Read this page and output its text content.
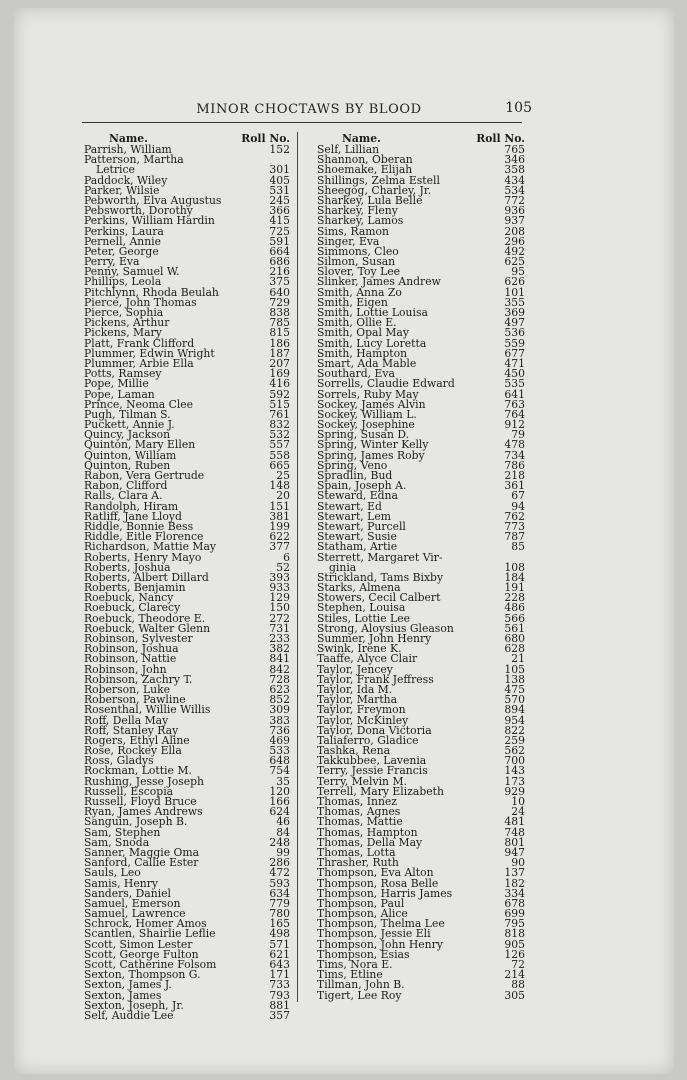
MINOR CHOCTAWS BY BLOOD	105
Name.	Roll No.
Parrish, William	152
Patterson, Martha
Letrice	301
Paddock, Wiley	405
Parker, Wilsie	531
Pebworth, Elva Augustus	245
Pebsworth, Dorothy	366
Perkins, William Hardin	415
Perkins, Laura	725
Pernell, Annie	591
Peter, George	664
Perry, Eva	686
Penny, Samuel W.	216
Phillips, Leola	375
Pitchlynn, Rhoda Beulah	640
Pierce, John Thomas	729
Pierce, Sophia	838
Pickens, Arthur	785
Pickens, Mary	815
Platt, Frank Clifford	186
Plummer, Edwin Wright	187
Plummer, Arbie Ella	207
Potts, Ramsey	169
Pope, Millie	416
Pope, Laman	592
Prince, Neoma Clee	515
Pugh, Tilman S.	761
Puckett, Annie J.	832
Quincy, Jackson	532
Quinton, Mary Ellen	557
Quinton, William	558
Quinton, Ruben	665
Rabon, Vera Gertrude	25
Rabon, Clifford	148
Ralls, Clara A.	20
Randolph, Hiram	151
Ratliff, Jane Lloyd	381
Riddle, Bonnie Bess	199
Riddle, Eitle Florence	622
Richardson, Mattie May	377
Roberts, Henry Mayo	6
Roberts, Joshua	52
Roberts, Albert Dillard	393
Roberts, Benjamin	933
Roebuck, Nancy	129
Roebuck, Clarecy	150
Roebuck, Theodore E.	272
Roebuck, Walter Glenn	731
Robinson, Sylvester	233
Robinson, Joshua	382
Robinson, Nattie	841
Robinson, John	842
Robinson, Zachry T.	728
Roberson, Luke	623
Roberson, Pawline	852
Rosenthal, Willie Willis	309
Roff, Della May	383
Roff, Stanley Ray	736
Rogers, Ethyl Aline	469
Rose, Rockey Ella	533
Ross, Gladys	648
Rockman, Lottie M.	754
Rushing, Jesse Joseph	35
Russell, Escopia	120
Russell, Floyd Bruce	166
Ryan, James Andrews	624
Sanguin, Joseph B.	46
Sam, Stephen	84
Sam, Snoda	248
Sanner, Maggie Oma	99
Sanford, Callie Ester	286
Sauls, Leo	472
Samis, Henry	593
Sanders, Daniel	634
Samuel, Emerson	779
Samuel, Lawrence	780
Schrock, Homer Amos	165
Scantlen, Shairlie Leflie	498
Scott, Simon Lester	571
Scott, George Fulton	621
Scott, Catherine Folsom	643
Sexton, Thompson G.	171
Sexton, James J.	733
Sexton, James	793
Sexton, Joseph, Jr.	881
Self, Auddie Lee	357
Name.	Roll No.
Self, Lillian	765
Shannon, Oberan	346
Shoemake, Elijah	358
Shillings, Zelma Estell	434
Sheegog, Charley, Jr.	534
Sharkey, Lula Belle	772
Sharkey, Fleny	936
Sharkey, Lamos	937
Sims, Ramon	208
Singer, Eva	296
Simmons, Cleo	492
Silmon, Susan	625
Slover, Toy Lee	95
Slinker, James Andrew	626
Smith, Anna Zo	101
Smith, Eigen	355
Smith, Lottie Louisa	369
Smith, Ollie E.	497
Smith, Opal May	536
Smith, Lucy Loretta	559
Smith, Hampton	677
Smart, Ada Mable	471
Southard, Eva	450
Sorrells, Claudie Edward	535
Sorrels, Ruby May	641
Sockey, James Alvin	763
Sockey, William L.	764
Sockey, Josephine	912
Spring, Susan D.	79
Spring, Winter Kelly	478
Spring, James Roby	734
Spring, Veno	786
Spradlin, Bud	218
Spain, Joseph A.	361
Steward, Edna	67
Stewart, Ed	94
Stewart, Lem	762
Stewart, Purcell	773
Stewart, Susie	787
Statham, Artie	85
Sterrett, Margaret Vir-
ginia	108
Strickland, Tams Bixby	184
Starks, Almena	191
Stowers, Cecil Calbert	228
Stephen, Louisa	486
Stiles, Lottie Lee	566
Strong, Aloysius Gleason	561
Summer, John Henry	680
Swink, Irene K.	628
Taaffe, Alyce Clair	21
Taylor, Jencey	105
Taylor, Frank Jeffress	138
Taylor, Ida M.	475
Taylor, Martha	570
Taylor, Freymon	894
Taylor, McKinley	954
Taylor, Dona Victoria	822
Taliaferro, Gladice	259
Tashka, Rena	562
Takkubbee, Lavenia	700
Terry, Jessie Francis	143
Terry, Melvin M.	173
Terrell, Mary Elizabeth	929
Thomas, Innez	10
Thomas, Agnes	24
Thomas, Mattie	481
Thomas, Hampton	748
Thomas, Della May	801
Thomas, Lotta	947
Thrasher, Ruth	90
Thompson, Eva Alton	137
Thompson, Rosa Belle	182
Thompson, Harris James	334
Thompson, Paul	678
Thompson, Alice	699
Thompson, Thelma Lee	795
Thompson, Jessie Eli	818
Thompson, John Henry	905
Thompson, Esias	126
Tims, Nora E.	72
Tims, Etline	214
Tillman, John B.	88
Tigert, Lee Roy	305
